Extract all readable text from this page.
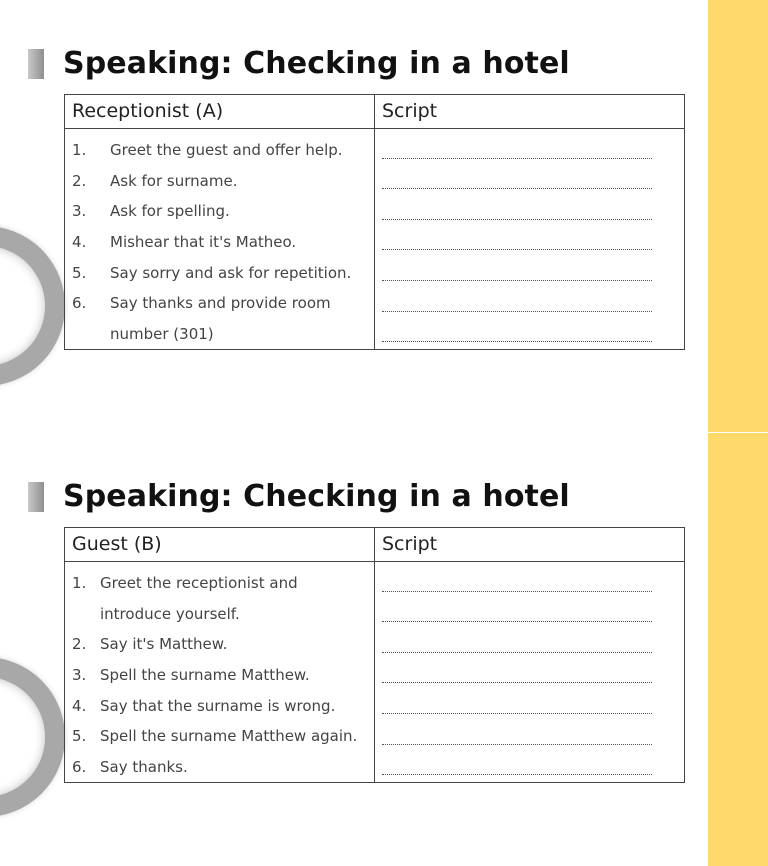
Speaking: Checking in a hotel
Receptionist (A)	Script
1.	Greet the guest and offer help.
2.	Ask for surname.
3.	Ask for spelling.
4.	Mishear that it's Matheo.
5.	Say sorry and ask for repetition.
6.	Say thanks and provide room
number (301)
Speaking: Checking in a hotel
Guest (B)	Script
1. Greet the receptionist and
introduce yourself.
2. Say it's Matthew.
3. Spell the surname Matthew.
4. Say that the surname is wrong.
5. Spell the surname Matthew again.
6. Say thanks.
